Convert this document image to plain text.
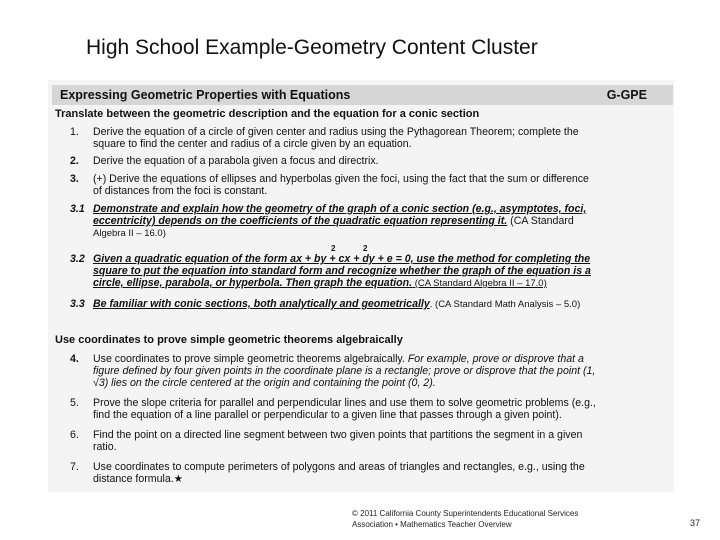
High School Example-Geometry Content Cluster
Expressing Geometric Properties with Equations	G-GPE
Translate between the geometric description and the equation for a conic section
1. Derive the equation of a circle of given center and radius using the Pythagorean Theorem; complete the
square to find the center and radius of a circle given by an equation.
2. Derive the equation of a parabola given a focus and directrix.
3. (+) Derive the equations of ellipses and hyperbolas given the foci, using the fact that the sum or difference
of distances from the foci is constant.
3.1 Demonstrate and explain how the geometry of the graph of a conic section (e.g., asymptotes, foci,
eccentricity) depends on the coefficients of the quadratic equation representing it. (CA Standard
Algebra II – 16.0)
2	2
3.2 Given a quadratic equation of the form ax + by + cx + dy + e = 0, use the method for completing the
square to put the equation into standard form and recognize whether the graph of the equation is a
circle, ellipse, parabola, or hyperbola. Then graph the equation. (CA Standard Algebra II – 17.0)
3.3 Be familiar with conic sections, both analytically and geometrically. (CA Standard Math Analysis – 5.0)
Use coordinates to prove simple geometric theorems algebraically
4. Use coordinates to prove simple geometric theorems algebraically. For example, prove or disprove that a
figure defined by four given points in the coordinate plane is a rectangle; prove or disprove that the point (1,
√3) lies on the circle centered at the origin and containing the point (0, 2).
5. Prove the slope criteria for parallel and perpendicular lines and use them to solve geometric problems (e.g.,
find the equation of a line parallel or perpendicular to a given line that passes through a given point).
6. Find the point on a directed line segment between two given points that partitions the segment in a given
ratio.
7. Use coordinates to compute perimeters of polygons and areas of triangles and rectangles, e.g., using the
distance formula.★
© 2011 California County Superintendents Educational Services
Association • Mathematics Teacher Overview	37
